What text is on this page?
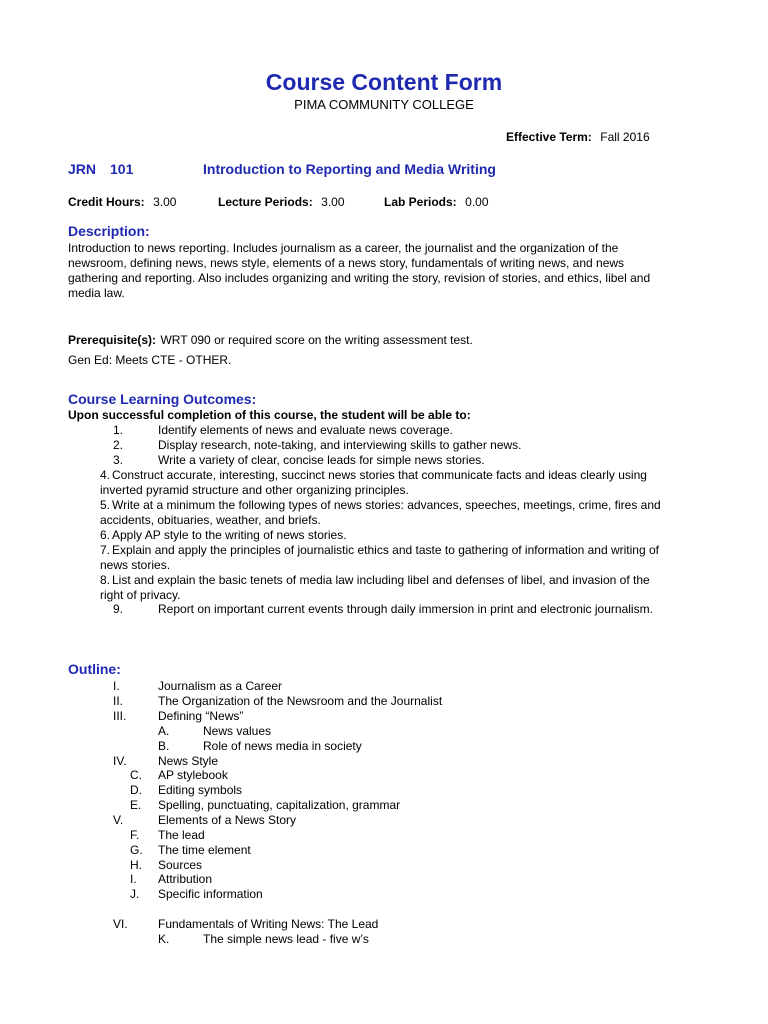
Course Content Form
PIMA COMMUNITY COLLEGE
Effective Term: Fall 2016
JRN 101	Introduction to Reporting and Media Writing
Credit Hours: 3.00	Lecture Periods: 3.00	Lab Periods: 0.00
Description:
Introduction to news reporting. Includes journalism as a career, the journalist and the organization of the
newsroom, defining news, news style, elements of a news story, fundamentals of writing news, and news
gathering and reporting. Also includes organizing and writing the story, revision of stories, and ethics, libel and
media law.
Prerequisite(s): WRT 090 or required score on the writing assessment test.
Gen Ed: Meets CTE - OTHER.
Course Learning Outcomes:
Upon successful completion of this course, the student will be able to:
1.	Identify elements of news and evaluate news coverage.
2.	Display research, note-taking, and interviewing skills to gather news.
3.	Write a variety of clear, concise leads for simple news stories.
4. Construct accurate, interesting, succinct news stories that communicate facts and ideas clearly using
inverted pyramid structure and other organizing principles.
5. Write at a minimum the following types of news stories: advances, speeches, meetings, crime, fires and
accidents, obituaries, weather, and briefs.
6. Apply AP style to the writing of news stories.
7. Explain and apply the principles of journalistic ethics and taste to gathering of information and writing of
news stories.
8. List and explain the basic tenets of media law including libel and defenses of libel, and invasion of the
right of privacy.
9.	Report on important current events through daily immersion in print and electronic journalism.
Outline:
I.	Journalism as a Career
II.	The Organization of the Newsroom and the Journalist
III.	Defining “News”
A.	News values
B.	Role of news media in society
IV.	News Style
C. AP stylebook
D. Editing symbols
E. Spelling, punctuating, capitalization, grammar
V.	Elements of a News Story
F. The lead
G. The time element
H. Sources
I. Attribution
J. Specific information
VI.	Fundamentals of Writing News: The Lead
K.	The simple news lead - five w’s
